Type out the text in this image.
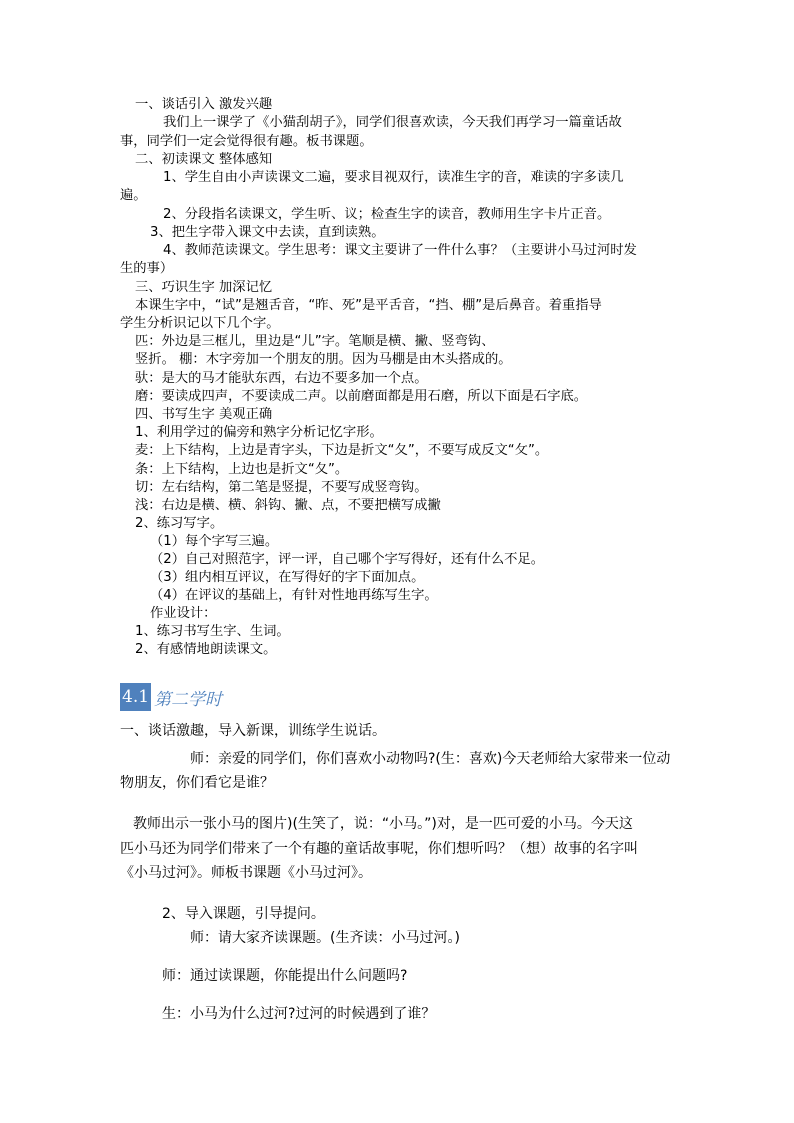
一、谈话引入 激发兴趣
我们上一课学了《小猫刮胡子》，同学们很喜欢读，今天我们再学习一篇童话故
事，同学们一定会觉得很有趣。板书课题。
二、初读课文 整体感知
1、学生自由小声读课文二遍，要求目视双行，读准生字的音，难读的字多读几
遍。
2、分段指名读课文，学生听、议；检查生字的读音，教师用生字卡片正音。
3、把生字带入课文中去读，直到读熟。
4、教师范读课文。学生思考：课文主要讲了一件什么事？（主要讲小马过河时发
生的事）
三、巧识生字 加深记忆
本课生字中，“试”是翘舌音，“昨、死”是平舌音，“挡、棚”是后鼻音。着重指导
学生分析识记以下几个字。
匹：外边是三框儿，里边是“儿”字。笔顺是横、撇、竖弯钩、
竖折。 棚：木字旁加一个朋友的朋。因为马棚是由木头搭成的。
驮：是大的马才能驮东西，右边不要多加一个点。
磨：要读成四声，不要读成二声。以前磨面都是用石磨，所以下面是石字底。
四、书写生字 美观正确
1、利用学过的偏旁和熟字分析记忆字形。
麦：上下结构，上边是青字头，下边是折文“夂”，不要写成反文“攵”。
条：上下结构，上边也是折文“夂”。
切：左右结构，第二笔是竖提，不要写成竖弯钩。
浅：右边是横、横、斜钩、撇、点，不要把横写成撇
2、练习写字。
（1）每个字写三遍。
（2）自己对照范字，评一评，自己哪个字写得好，还有什么不足。
（3）组内相互评议，在写得好的字下面加点。
（4）在评议的基础上，有针对性地再练写生字。
作业设计：
1、练习书写生字、生词。
2、有感情地朗读课文。
4.1 第二学时
一、谈话激趣，导入新课，训练学生说话。
师：亲爱的同学们，你们喜欢小动物吗?(生：喜欢)今天老师给大家带来一位动
物朋友，你们看它是谁？
教师出示一张小马的图片)(生笑了，说：“小马。”)对，是一匹可爱的小马。今天这
匹小马还为同学们带来了一个有趣的童话故事呢，你们想听吗？（想）故事的名字叫
《小马过河》。师板书课题《小马过河》。
2、导入课题，引导提问。
师：请大家齐读课题。(生齐读：小马过河。)
师：通过读课题，你能提出什么问题吗?
生：小马为什么过河?过河的时候遇到了谁？
